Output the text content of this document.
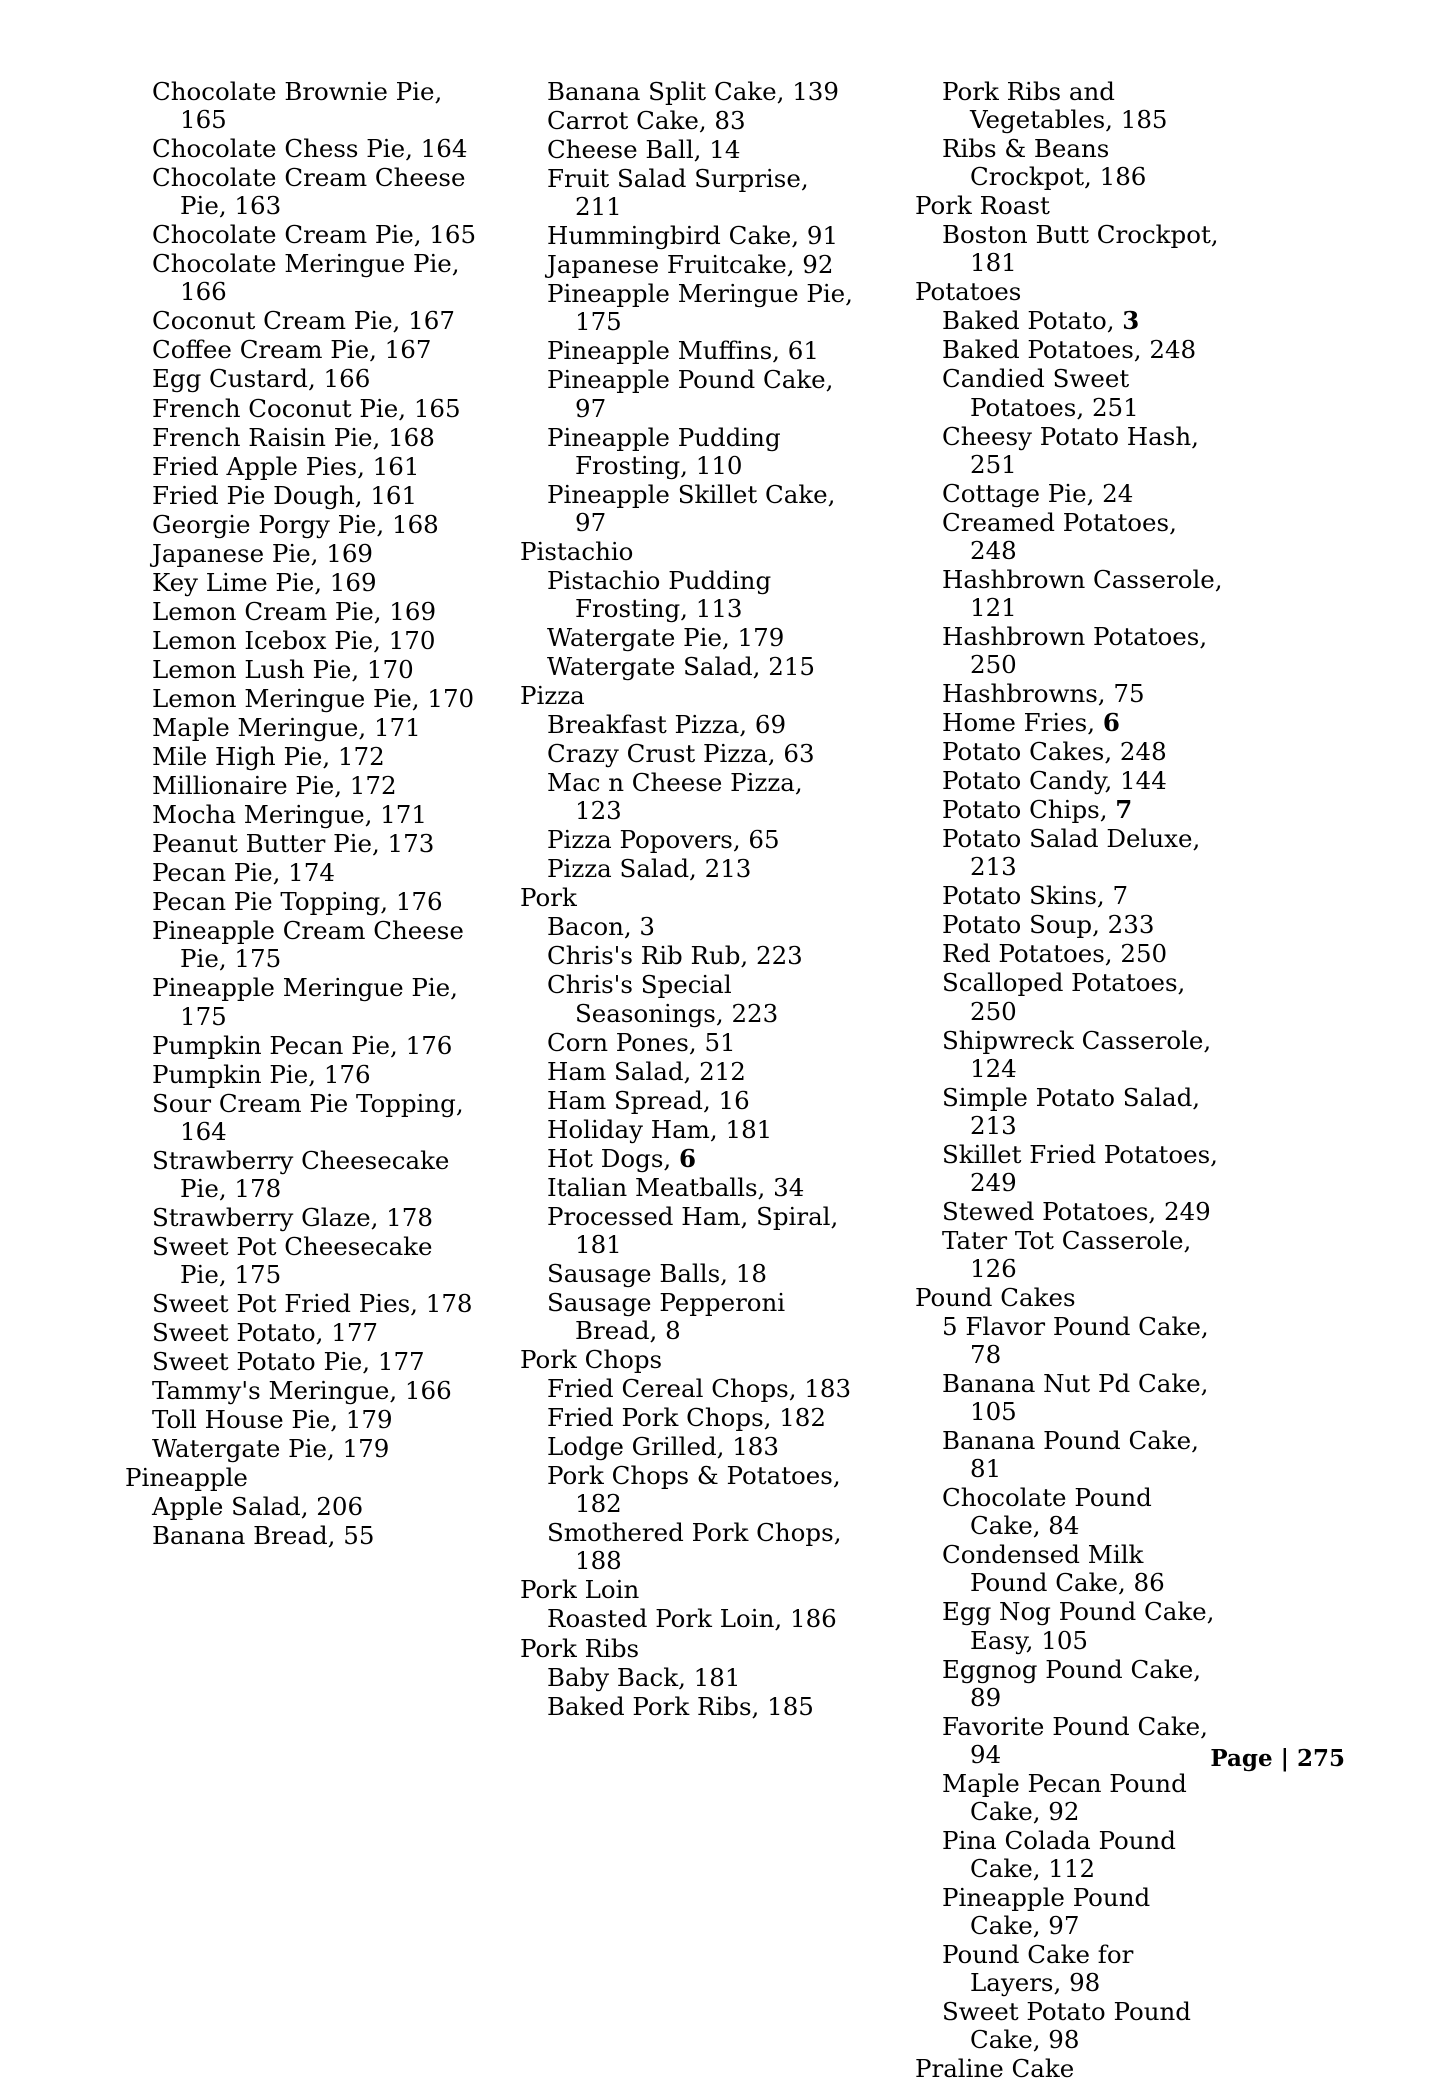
Chocolate Brownie Pie, 165
Chocolate Chess Pie, 164
Chocolate Cream Cheese Pie, 163
Chocolate Cream Pie, 165
Chocolate Meringue Pie, 166
Coconut Cream Pie, 167
Coffee Cream Pie, 167
Egg Custard, 166
French Coconut Pie, 165
French Raisin Pie, 168
Fried Apple Pies, 161
Fried Pie Dough, 161
Georgie Porgy Pie, 168
Japanese Pie, 169
Key Lime Pie, 169
Lemon Cream Pie, 169
Lemon Icebox Pie, 170
Lemon Lush Pie, 170
Lemon Meringue Pie, 170
Maple Meringue, 171
Mile High Pie, 172
Millionaire Pie, 172
Mocha Meringue, 171
Peanut Butter Pie, 173
Pecan Pie, 174
Pecan Pie Topping, 176
Pineapple Cream Cheese Pie, 175
Pineapple Meringue Pie, 175
Pumpkin Pecan Pie, 176
Pumpkin Pie, 176
Sour Cream Pie Topping, 164
Strawberry Cheesecake Pie, 178
Strawberry Glaze, 178
Sweet Pot Cheesecake Pie, 175
Sweet Pot Fried Pies, 178
Sweet Potato, 177
Sweet Potato Pie, 177
Tammy's Meringue, 166
Toll House Pie, 179
Watergate Pie, 179
Pineapple
Apple Salad, 206
Banana Bread, 55
Banana Split Cake, 139
Carrot Cake, 83
Cheese Ball, 14
Fruit Salad Surprise, 211
Hummingbird Cake, 91
Japanese Fruitcake, 92
Pineapple Meringue Pie, 175
Pineapple Muffins, 61
Pineapple Pound Cake, 97
Pineapple Pudding Frosting, 110
Pineapple Skillet Cake, 97
Pistachio
Pistachio Pudding Frosting, 113
Watergate Pie, 179
Watergate Salad, 215
Pizza
Breakfast Pizza, 69
Crazy Crust Pizza, 63
Mac n Cheese Pizza, 123
Pizza Popovers, 65
Pizza Salad, 213
Pork
Bacon, 3
Chris's Rib Rub, 223
Chris's Special Seasonings, 223
Corn Pones, 51
Ham Salad, 212
Ham Spread, 16
Holiday Ham, 181
Hot Dogs, 6
Italian Meatballs, 34
Processed Ham, Spiral, 181
Sausage Balls, 18
Sausage Pepperoni Bread, 8
Pork Chops
Fried Cereal Chops, 183
Fried Pork Chops, 182
Lodge Grilled, 183
Pork Chops & Potatoes, 182
Smothered Pork Chops, 188
Pork Loin
Roasted Pork Loin, 186
Pork Ribs
Baby Back, 181
Baked Pork Ribs, 185
Pork Ribs and Vegetables, 185
Ribs & Beans Crockpot, 186
Pork Roast
Boston Butt Crockpot, 181
Potatoes
Baked Potato, 3
Baked Potatoes, 248
Candied Sweet Potatoes, 251
Cheesy Potato Hash, 251
Cottage Pie, 24
Creamed Potatoes, 248
Hashbrown Casserole, 121
Hashbrown Potatoes, 250
Hashbrowns, 75
Home Fries, 6
Potato Cakes, 248
Potato Candy, 144
Potato Chips, 7
Potato Salad Deluxe, 213
Potato Skins, 7
Potato Soup, 233
Red Potatoes, 250
Scalloped Potatoes, 250
Shipwreck Casserole, 124
Simple Potato Salad, 213
Skillet Fried Potatoes, 249
Stewed Potatoes, 249
Tater Tot Casserole, 126
Pound Cakes
5 Flavor Pound Cake, 78
Banana Nut Pd Cake, 105
Banana Pound Cake, 81
Chocolate Pound Cake, 84
Condensed Milk Pound Cake, 86
Egg Nog Pound Cake, Easy, 105
Eggnog Pound Cake, 89
Favorite Pound Cake, 94
Maple Pecan Pound Cake, 92
Pina Colada Pound Cake, 112
Pineapple Pound Cake, 97
Pound Cake for Layers, 98
Sweet Potato Pound Cake, 98
Praline Cake
Page | 275
